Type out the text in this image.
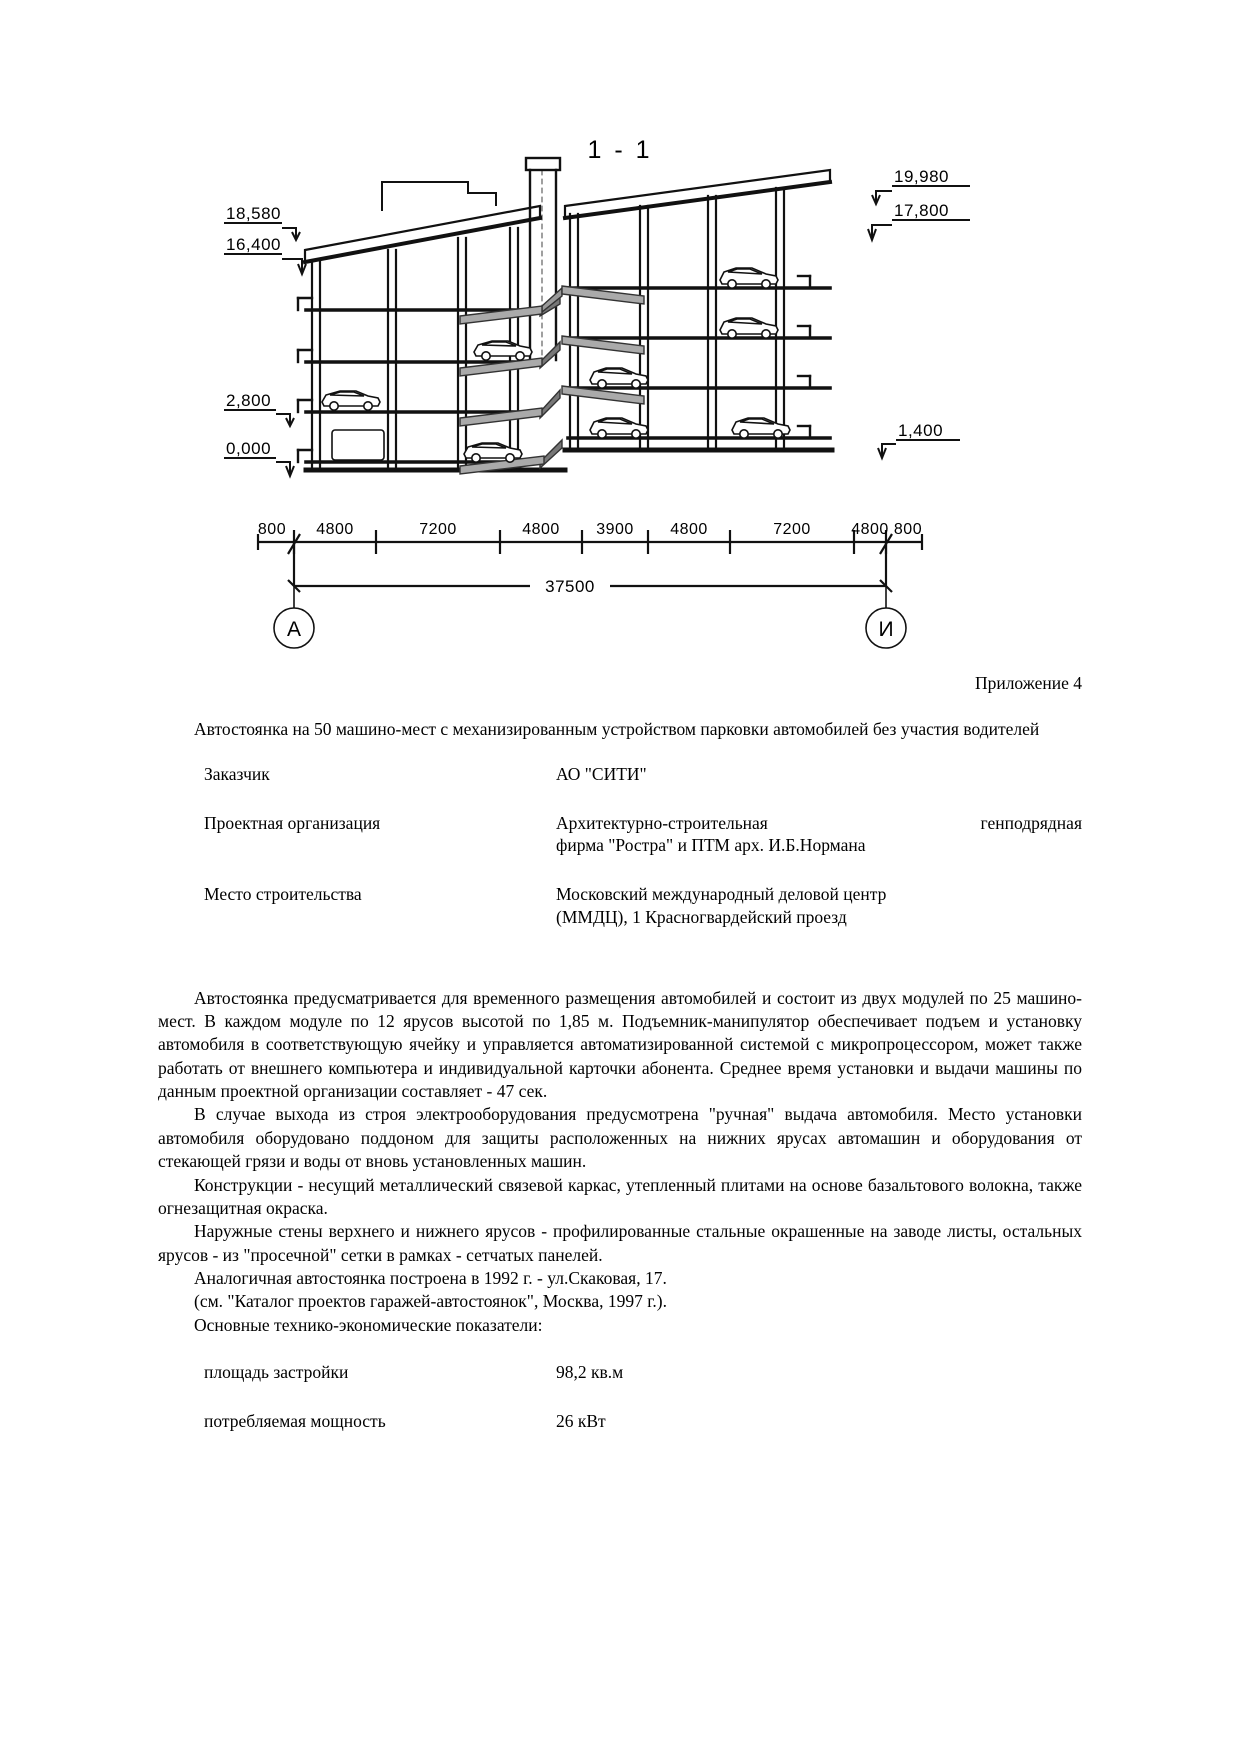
1 - 1
18,580
16,400
2,800
0,000
19,980
17,800
1,400
800 4800	7200	4800 3900 4800	7200	4800 800
37500
А	И
Приложение 4

Автостоянка на 50 машино-мест с механизированным устройством парковки автомобилей без участия водителей

Заказчик	АО "СИТИ"

Проектная организация	Архитектурно-строительная генподрядная
фирма "Ростра" и ПТМ арх. И.Б.Нормана

Место строительства	Московский международный деловой центр
(ММДЦ), 1 Красногвардейский проезд

Автостоянка предусматривается для временного размещения автомобилей и состоит из двух модулей по 25 машино-мест. В каждом модуле по 12 ярусов высотой по 1,85 м. Подъемник-манипулятор обеспечивает подъем и установку автомобиля в соответствующую ячейку и управляется автоматизированной системой с микропроцессором, может также работать от внешнего компьютера и индивидуальной карточки абонента. Среднее время установки и выдачи машины по данным проектной организации составляет - 47 сек.

В случае выхода из строя электрооборудования предусмотрена "ручная" выдача автомобиля. Место установки автомобиля оборудовано поддоном для защиты расположенных на нижних ярусах автомашин и оборудования от стекающей грязи и воды от вновь установленных машин.

Конструкции - несущий металлический связевой каркас, утепленный плитами на основе базальтового волокна, также огнезащитная окраска.

Наружные стены верхнего и нижнего ярусов - профилированные стальные окрашенные на заводе листы, остальных ярусов - из "просечной" сетки в рамках - сетчатых панелей.

Аналогичная автостоянка построена в 1992 г. - ул.Скаковая, 17.

(см. "Каталог проектов гаражей-автостоянок", Москва, 1997 г.).

Основные технико-экономические показатели:

площадь застройки	98,2 кв.м
потребляемая мощность	26 кВт
